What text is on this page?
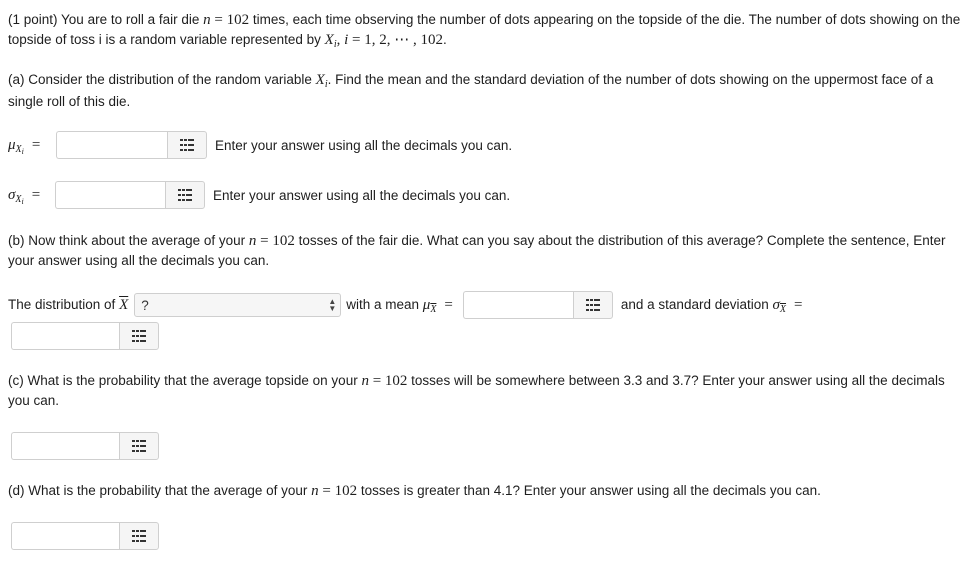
(1 point) You are to roll a fair die n = 102 times, each time observing the number of dots appearing on the topside of the die. The number of dots showing on the topside of toss i is a random variable represented by $X_i$, i = 1, 2, ⋯ , 102.
(a) Consider the distribution of the random variable $X_i$. Find the mean and the standard deviation of the number of dots showing on the uppermost face of a single roll of this die.
μ X i =	Enter your answer using all the decimals you can.
σ X i =	Enter your answer using all the decimals you can.
(b) Now think about the average of your n = 102 tosses of the fair die. What can you say about the distribution of this average? Complete the sentence, Enter your answer using all the decimals you can.
The distribution of $\overline{X}$ ?	▲
▼ with a mean $\mu_{\overline{X}}$ =	and a standard deviation $\sigma_{\overline{X}}$ =
(c) What is the probability that the average topside on your n = 102 tosses will be somewhere between 3.3 and 3.7? Enter your answer using all the decimals you can.
(d) What is the probability that the average of your n = 102 tosses is greater than 4.1? Enter your answer using all the decimals you can.
